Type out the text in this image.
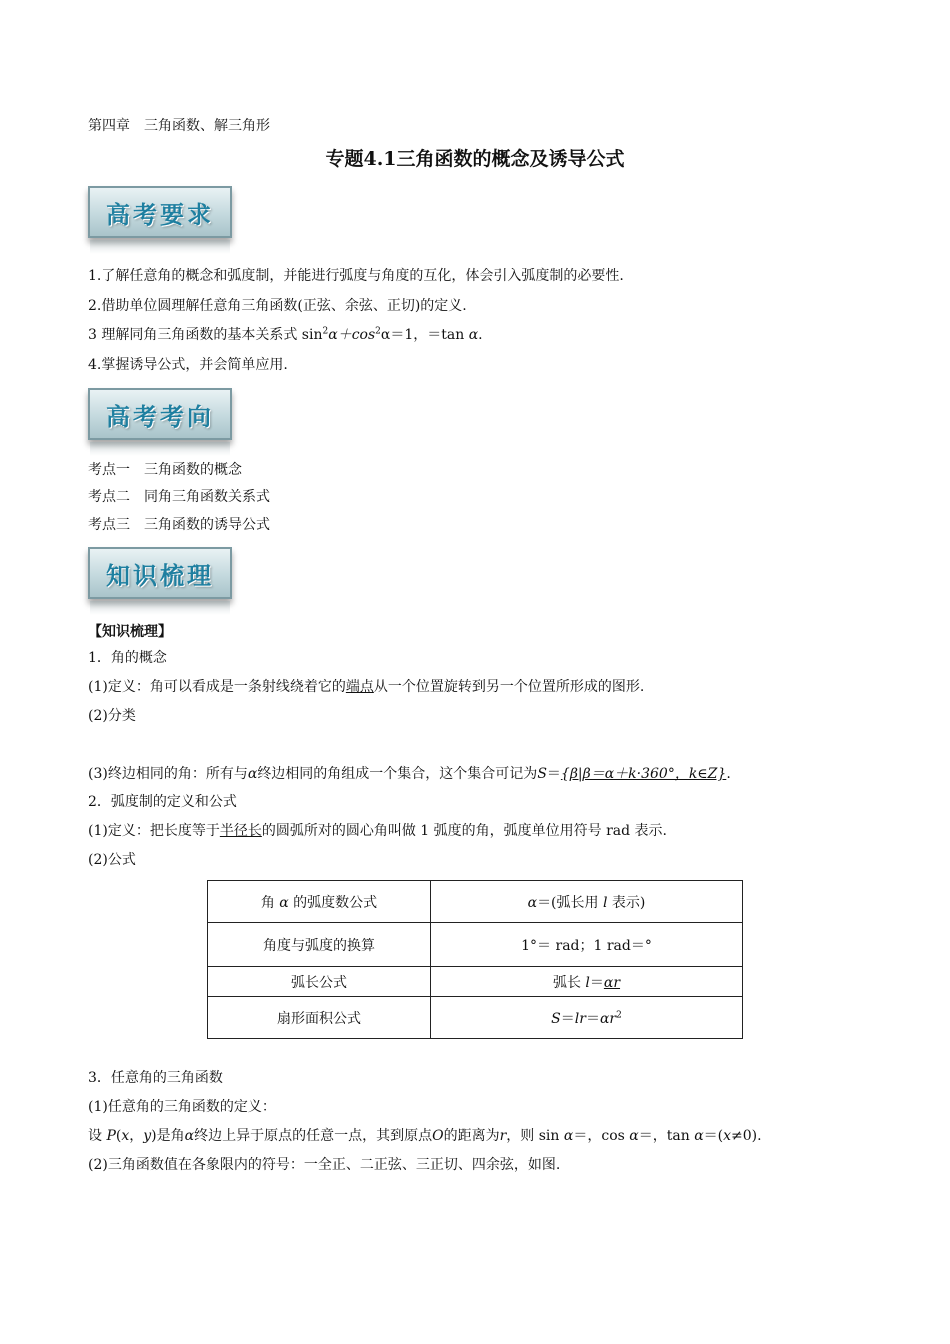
第四章　三角函数、解三角形
专题4.1三角函数的概念及诱导公式
高考要求
1.了解任意角的概念和弧度制，并能进行弧度与角度的互化，体会引入弧度制的必要性.
2.借助单位圆理解任意角三角函数(正弦、余弦、正切)的定义.
3 理解同角三角函数的基本关系式 $\sin^2\alpha+\cos^2\alpha=1$，＝tan α.
4.掌握诱导公式，并会简单应用.
高考考向
考点一　三角函数的概念
考点二　同角三角函数关系式
考点三　三角函数的诱导公式
知识梳理
【知识梳理】
1．角的概念
(1)定义：角可以看成是一条射线绕着它的端点从一个位置旋转到另一个位置所形成的图形.
(2)分类
(3)终边相同的角：所有与α终边相同的角组成一个集合，这个集合可记为S＝{β|β＝α＋k·360°，k∈Z}.
2．弧度制的定义和公式
(1)定义：把长度等于半径长的圆弧所对的圆心角叫做 1 弧度的角，弧度单位用符号 rad 表示.
(2)公式
角 α 的弧度数公式	α＝(弧长用 l 表示)
角度与弧度的换算	1°＝ rad；1 rad＝°
弧长公式	弧长 l＝αr
扇形面积公式	$S=lr=\alpha r^2$
3．任意角的三角函数
(1)任意角的三角函数的定义：
设 P(x，y)是角α终边上异于原点的任意一点，其到原点O的距离为r，则 sin α＝，cos α＝，tan α＝(x≠0).
(2)三角函数值在各象限内的符号：一全正、二正弦、三正切、四余弦，如图.
